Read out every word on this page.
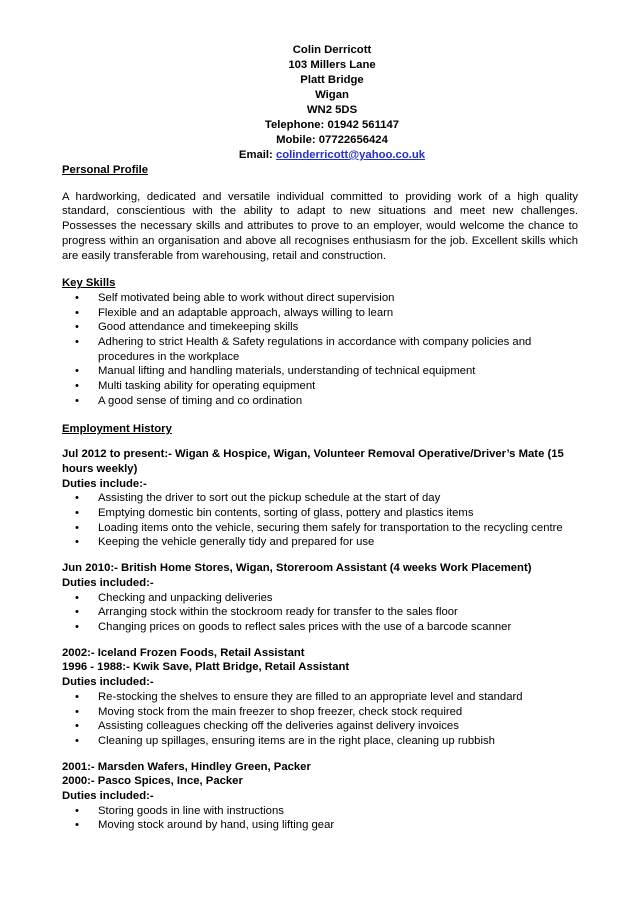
Colin Derricott
103 Millers Lane
Platt Bridge
Wigan
WN2 5DS
Telephone: 01942 561147
Mobile: 07722656424
Email: colinderricott@yahoo.co.uk
Personal Profile
A hardworking, dedicated and versatile individual committed to providing work of a high quality standard, conscientious with the ability to adapt to new situations and meet new challenges. Possesses the necessary skills and attributes to prove to an employer, would welcome the chance to progress within an organisation and above all recognises enthusiasm for the job. Excellent skills which are easily transferable from warehousing, retail and construction.
Key Skills
• Self motivated being able to work without direct supervision
• Flexible and an adaptable approach, always willing to learn
• Good attendance and timekeeping skills
• Adhering to strict Health & Safety regulations in accordance with company policies and procedures in the workplace
• Manual lifting and handling materials, understanding of technical equipment
• Multi tasking ability for operating equipment
• A good sense of timing and co ordination
Employment History
Jul 2012 to present:- Wigan & Hospice, Wigan, Volunteer Removal Operative/Driver’s Mate (15 hours weekly)
Duties include:-
• Assisting the driver to sort out the pickup schedule at the start of day
• Emptying domestic bin contents, sorting of glass, pottery and plastics items
• Loading items onto the vehicle, securing them safely for transportation to the recycling centre
• Keeping the vehicle generally tidy and prepared for use
Jun 2010:- British Home Stores, Wigan, Storeroom Assistant (4 weeks Work Placement)
Duties included:-
• Checking and unpacking deliveries
• Arranging stock within the stockroom ready for transfer to the sales floor
• Changing prices on goods to reflect sales prices with the use of a barcode scanner
2002:- Iceland Frozen Foods, Retail Assistant
1996 - 1988:- Kwik Save, Platt Bridge, Retail Assistant
Duties included:-
• Re-stocking the shelves to ensure they are filled to an appropriate level and standard
• Moving stock from the main freezer to shop freezer, check stock required
• Assisting colleagues checking off the deliveries against delivery invoices
• Cleaning up spillages, ensuring items are in the right place, cleaning up rubbish
2001:- Marsden Wafers, Hindley Green, Packer
2000:- Pasco Spices, Ince, Packer
Duties included:-
• Storing goods in line with instructions
• Moving stock around by hand, using lifting gear
